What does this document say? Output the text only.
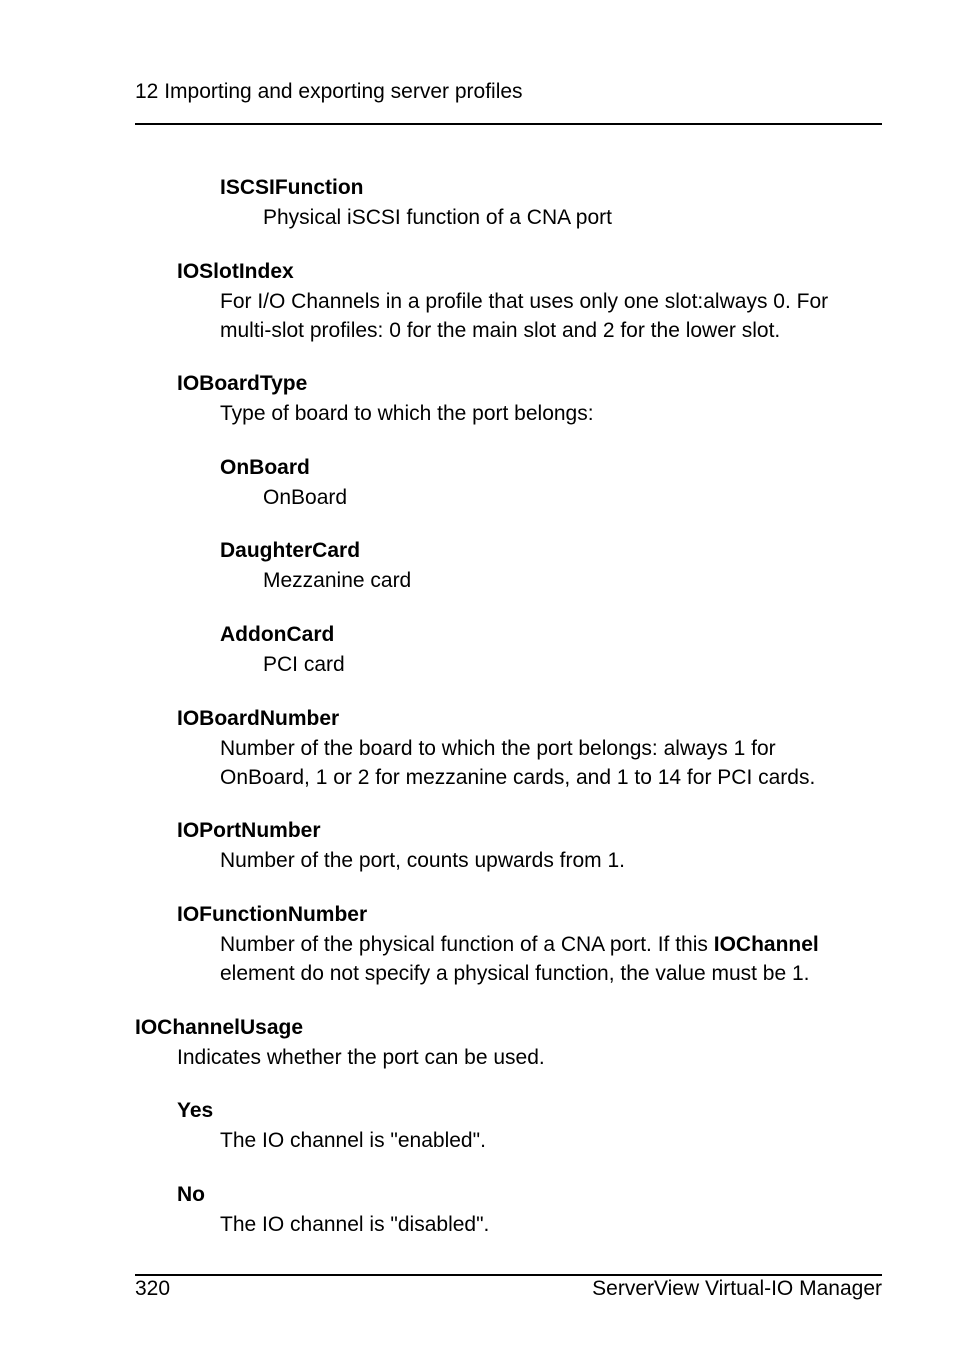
12 Importing and exporting server profiles
ISCSIFunction
Physical iSCSI function of a CNA port
IOSlotIndex
For I/O Channels in a profile that uses only one slot:always 0. For
multi-slot profiles: 0 for the main slot and 2 for the lower slot.
IOBoardType
Type of board to which the port belongs:
OnBoard
OnBoard
DaughterCard
Mezzanine card
AddonCard
PCI card
IOBoardNumber
Number of the board to which the port belongs: always 1 for
OnBoard, 1 or 2 for mezzanine cards, and 1 to 14 for PCI cards.
IOPortNumber
Number of the port, counts upwards from 1.
IOFunctionNumber
Number of the physical function of a CNA port. If this IOChannel
element do not specify a physical function, the value must be 1.
IOChannelUsage
Indicates whether the port can be used.
Yes
The IO channel is "enabled".
No
The IO channel is "disabled".
320	ServerView Virtual-IO Manager
